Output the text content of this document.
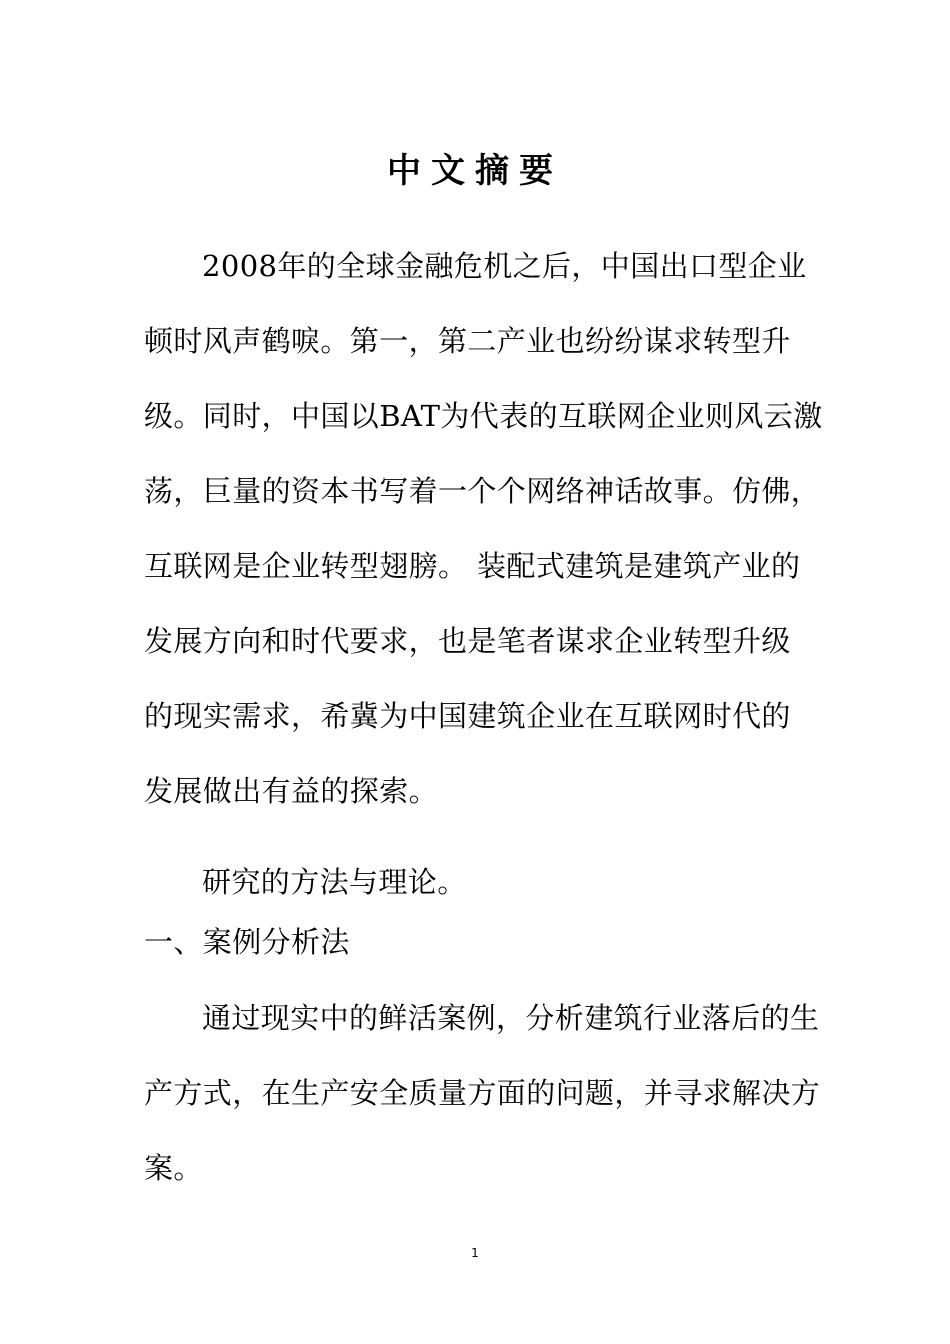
中文摘要
2008年的全球金融危机之后，中国出口型企业
顿时风声鹤唳。第一，第二产业也纷纷谋求转型升
级。同时，中国以BAT为代表的互联网企业则风云激
荡，巨量的资本书写着一个个网络神话故事。仿佛，
互联网是企业转型翅膀。 装配式建筑是建筑产业的
发展方向和时代要求，也是笔者谋求企业转型升级
的现实需求，希冀为中国建筑企业在互联网时代的
发展做出有益的探索。
研究的方法与理论。
一、案例分析法
通过现实中的鲜活案例，分析建筑行业落后的生
产方式，在生产安全质量方面的问题，并寻求解决方
案。
1
